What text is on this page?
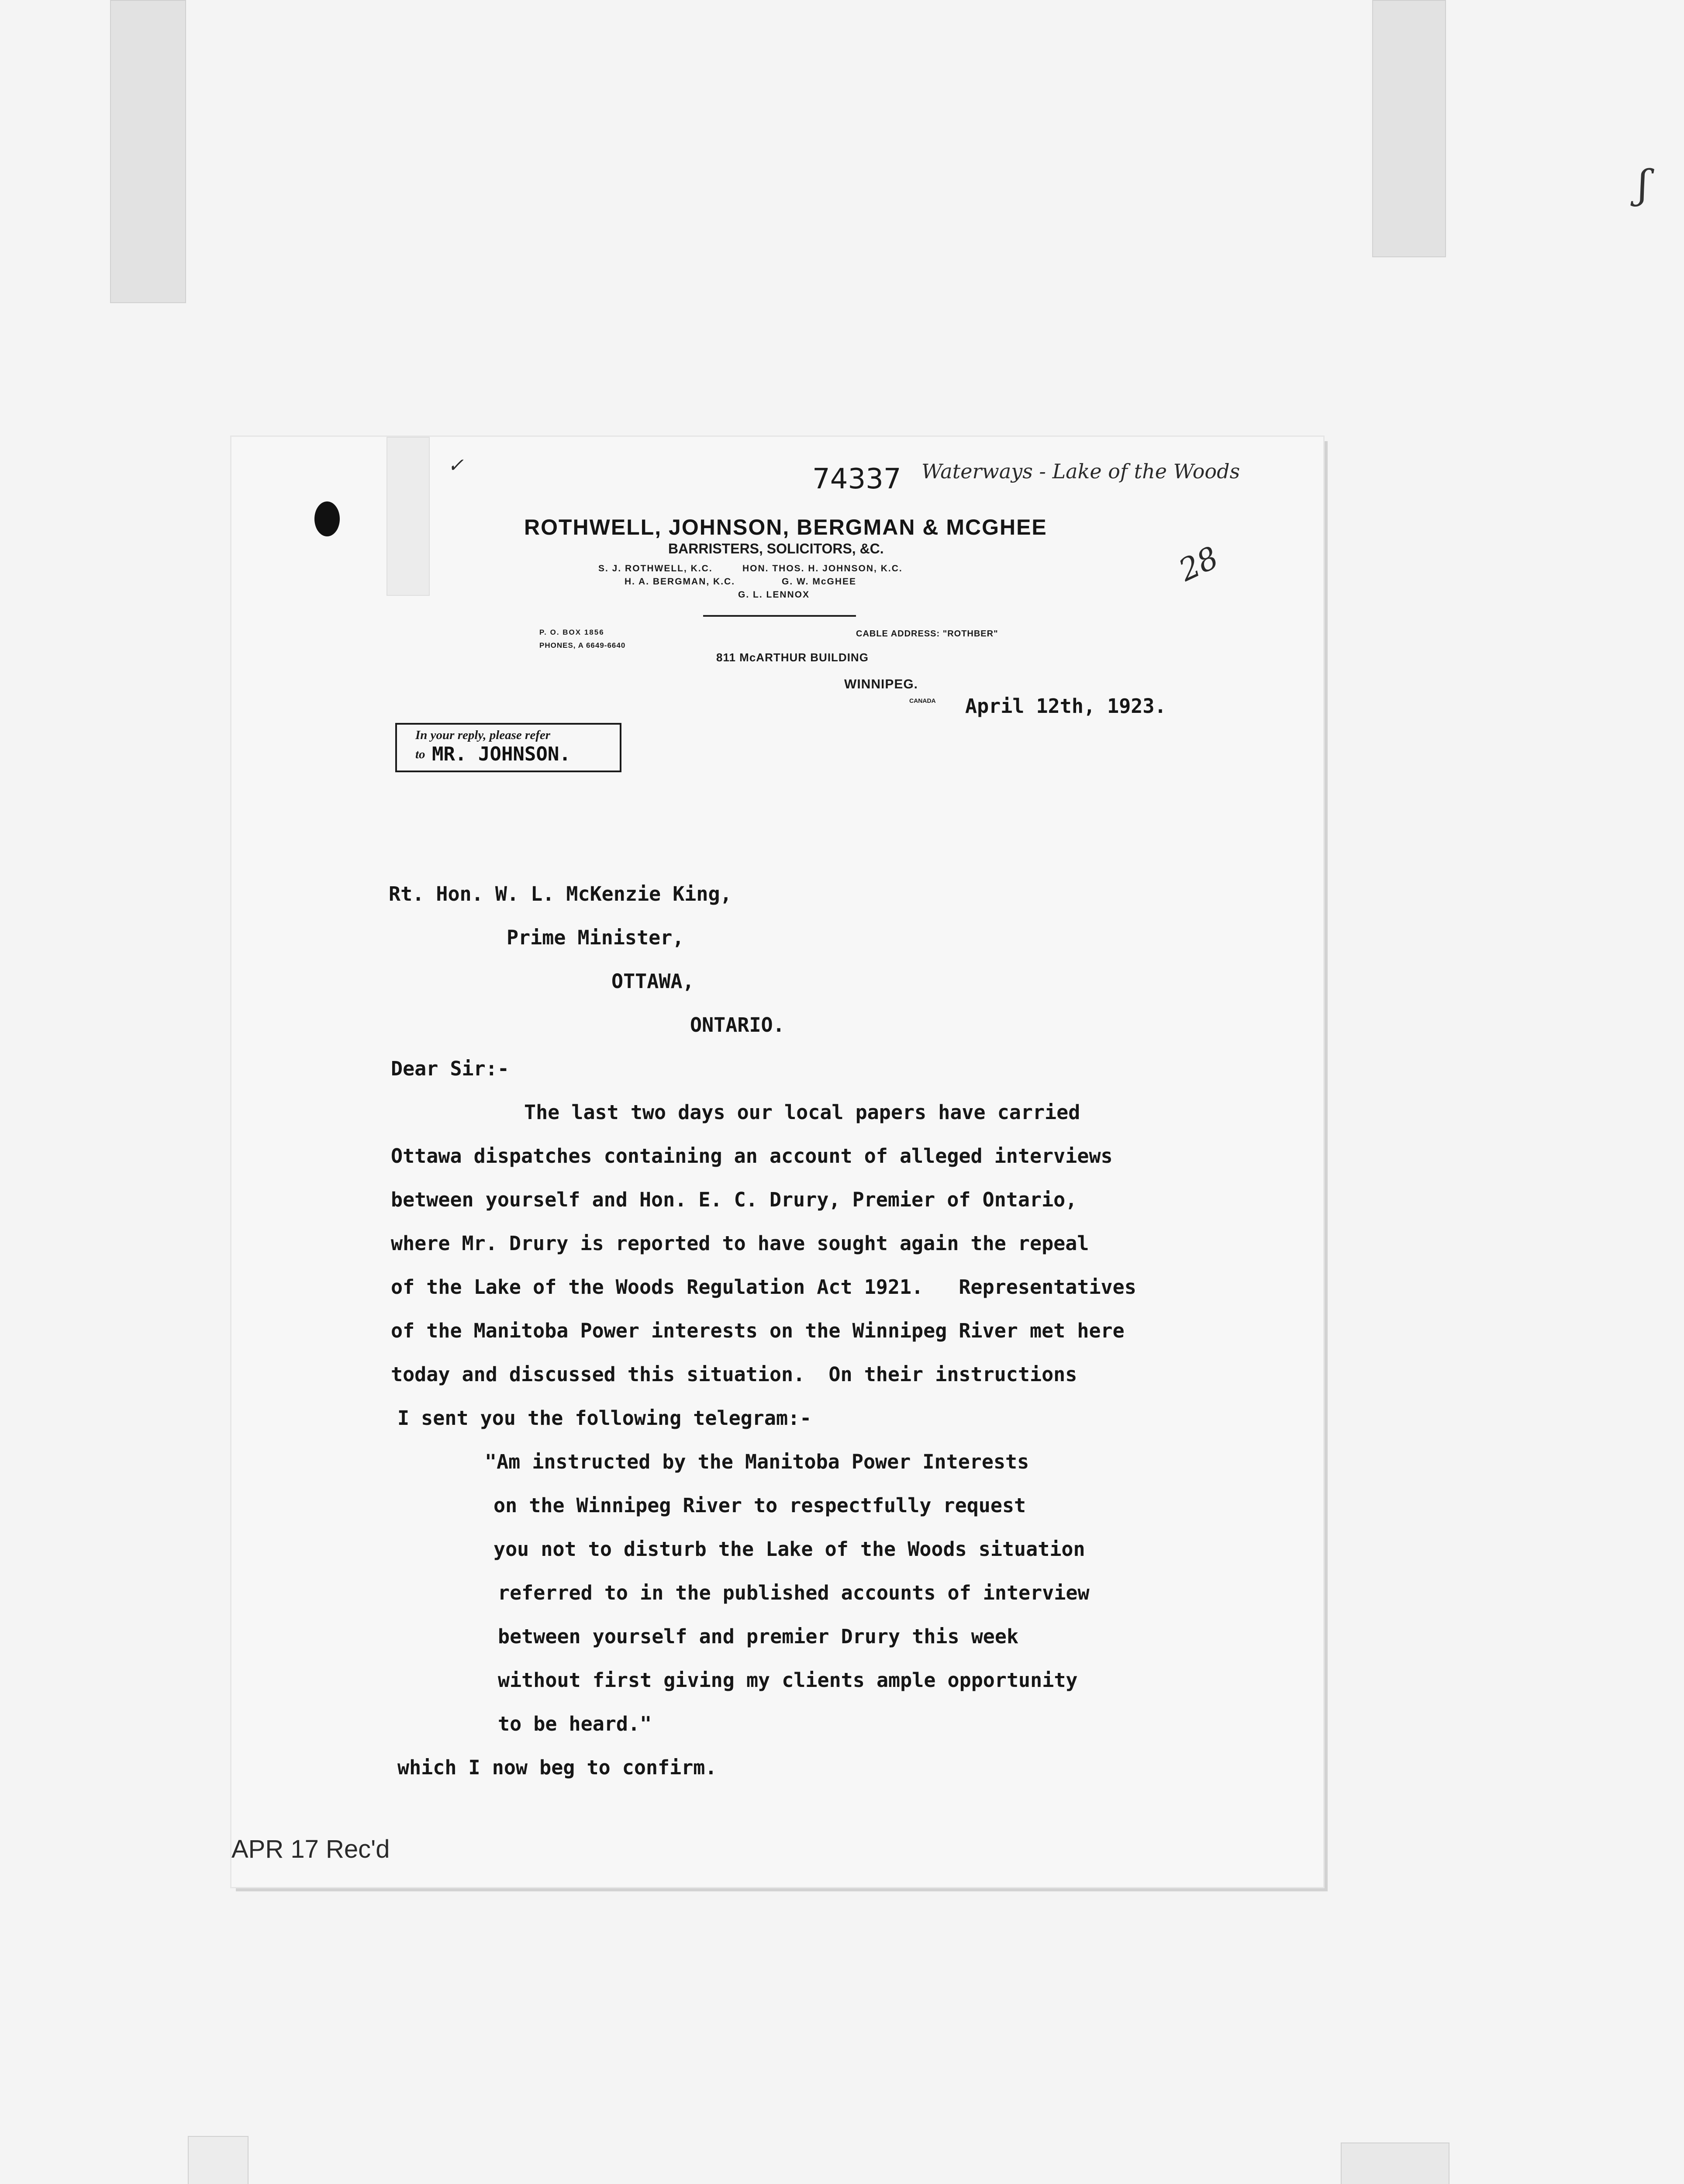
ʃ
✓	74337 Waterways - Lake of the Woods
28
ROTHWELL, JOHNSON, BERGMAN & MCGHEE
BARRISTERS, SOLICITORS, &C.
S. J. ROTHWELL, K.C.	HON. THOS. H. JOHNSON, K.C.
H. A. BERGMAN, K.C.	G. W. McGHEE
G. L. LENNOX
P. O. BOX 1856
PHONES, A 6649-6640
CABLE ADDRESS: "ROTHBER"
811 McARTHUR BUILDING
WINNIPEG.
CANADA April 12th, 1923.
In your reply, please refer
to MR. JOHNSON.
Rt. Hon. W. L. McKenzie King,
Prime Minister,
OTTAWA,
ONTARIO.
Dear Sir:-
The last two days our local papers have carried
Ottawa dispatches containing an account of alleged interviews
between yourself and Hon. E. C. Drury, Premier of Ontario,
where Mr. Drury is reported to have sought again the repeal
of the Lake of the Woods Regulation Act 1921.   Representatives
of the Manitoba Power interests on the Winnipeg River met here
today and discussed this situation.  On their instructions
I sent you the following telegram:-
"Am instructed by the Manitoba Power Interests
on the Winnipeg River to respectfully request
you not to disturb the Lake of the Woods situation
referred to in the published accounts of interview
between yourself and premier Drury this week
without first giving my clients ample opportunity
to be heard."
which I now beg to confirm.
APR 17 Rec'd
